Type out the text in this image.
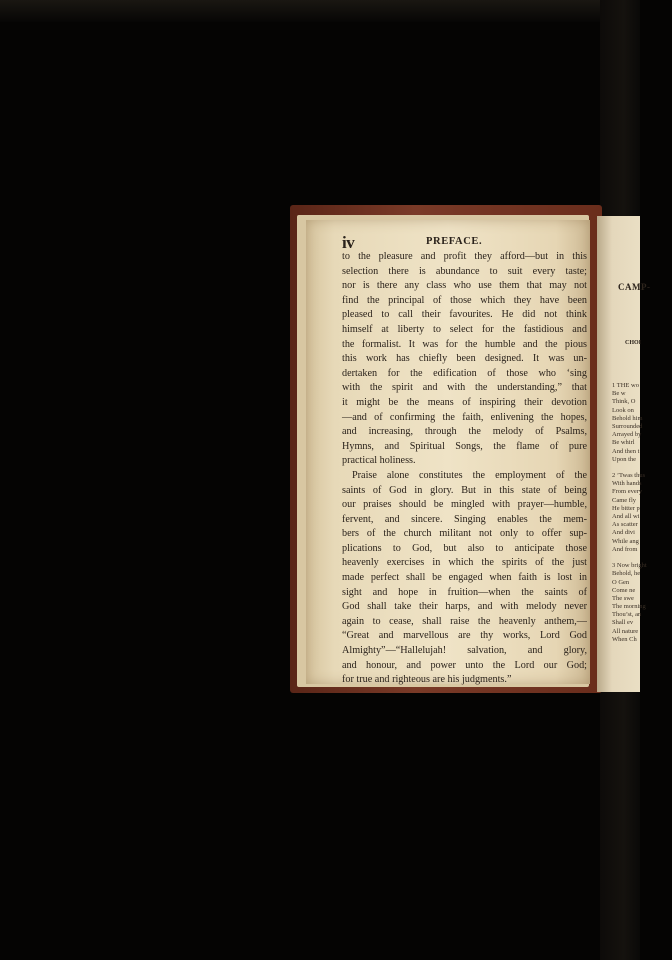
CAMP-
CHOI
1 THE wo
Be w
Think, O
Look on
Behold him
Surrounded
Arrayed by
Be whirl
And then t
Upon the
2 ’Twas thus
With hands
From every
Came fly
He bitter p
And all wi
As scatter
And divi
While ang
And from
3 Now bright
Behold, he
O Gen
Come ne
The swe
The morning
Thou’st, an
Shall ev
All nature
When Ch
iv	PREFACE.
to the pleasure and profit they afford—but in this
selection there is abundance to suit every taste;
nor is there any class who use them that may not
find the principal of those which they have been
pleased to call their favourites. He did not think
himself at liberty to select for the fastidious and
the formalist. It was for the humble and the pious
this work has chiefly been designed. It was un-
dertaken for the edification of those who ‘sing
with the spirit and with the understanding,” that
it might be the means of inspiring their devotion
—and of confirming the faith, enlivening the hopes,
and increasing, through the melody of Psalms,
Hymns, and Spiritual Songs, the flame of pure
practical holiness.
Praise alone constitutes the employment of the
saints of God in glory. But in this state of being
our praises should be mingled with prayer—humble,
fervent, and sincere. Singing enables the mem-
bers of the church militant not only to offer sup-
plications to God, but also to anticipate those
heavenly exercises in which the spirits of the just
made perfect shall be engaged when faith is lost in
sight and hope in fruition—when the saints of
God shall take their harps, and with melody never
again to cease, shall raise the heavenly anthem,—
“Great and marvellous are thy works, Lord God
Almighty”—“Hallelujah! salvation, and glory,
and honour, and power unto the Lord our God;
for true and righteous are his judgments.”
